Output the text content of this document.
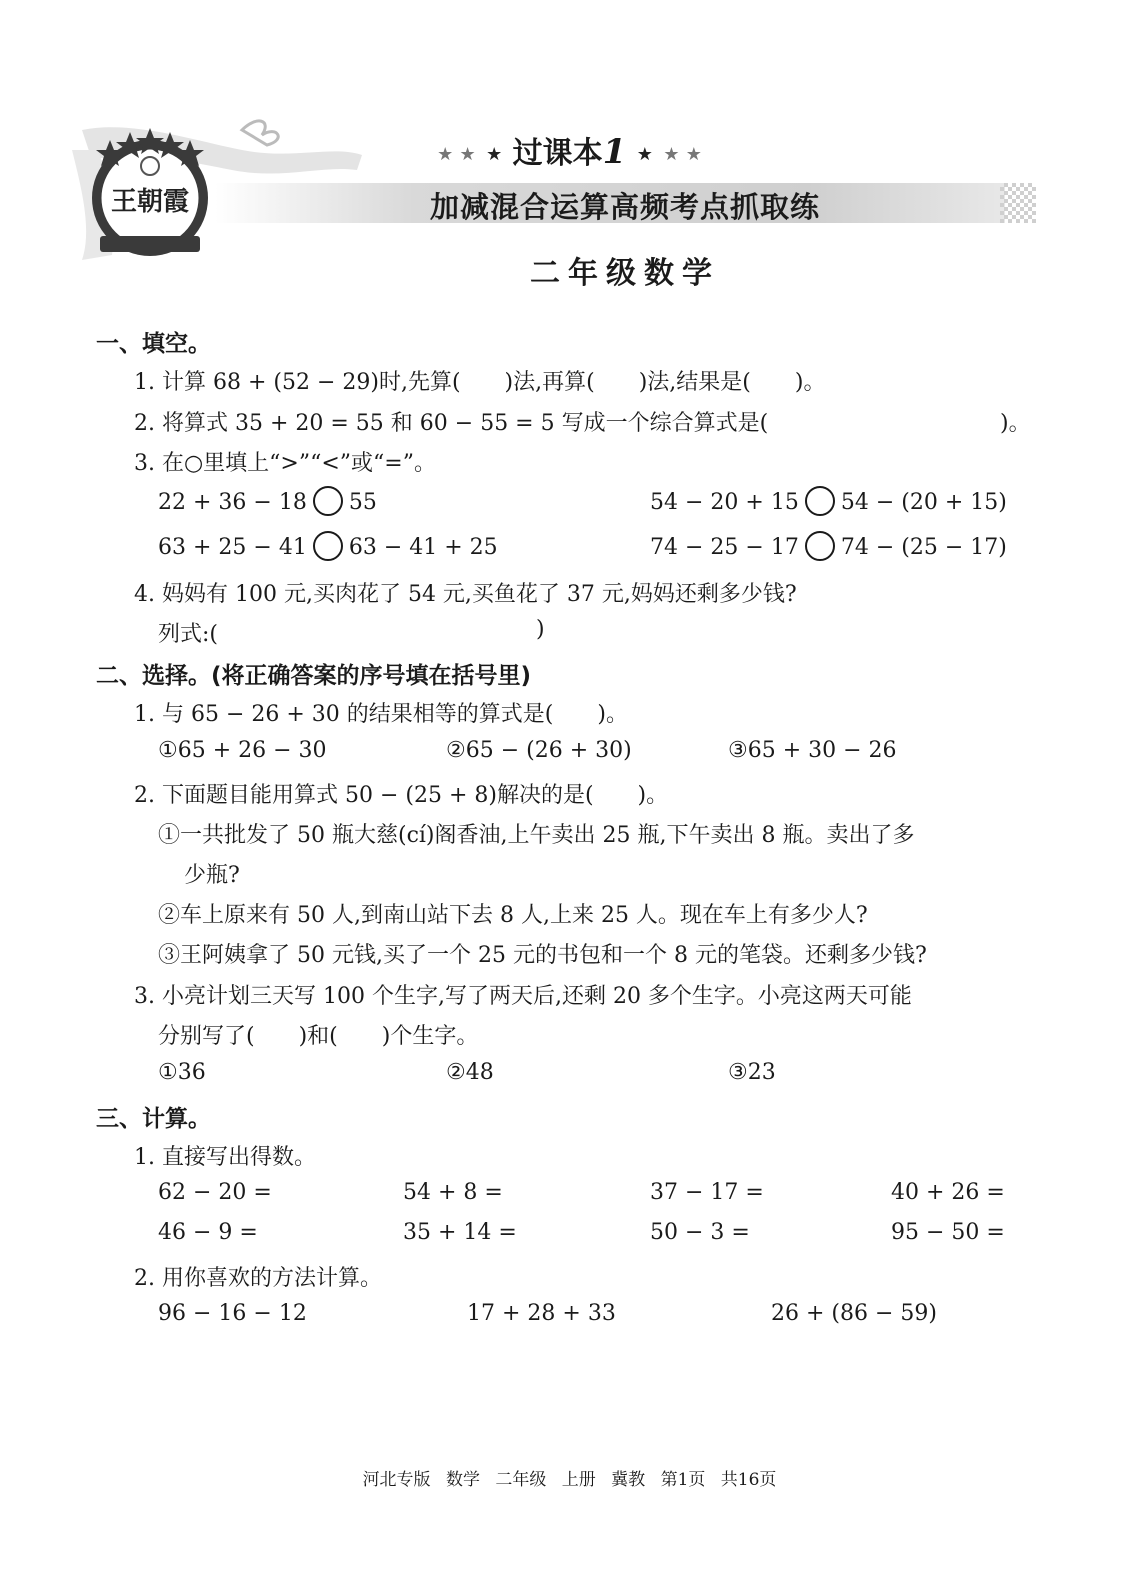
王朝霞
★ ★ ★ 过课本1 ★ ★ ★
加减混合运算高频考点抓取练
二年级数学
一、填空。
1. 计算 68 + (52 − 29)时,先算(　　)法,再算(　　)法,结果是(　　)。
2. 将算式 35 + 20 = 55 和 60 − 55 = 5 写成一个综合算式是(	)。
3. 在○里填上“>”“<”或“=”。
22 + 36 − 18 55	54 − 20 + 15 54 − (20 + 15)
63 + 25 − 41 63 − 41 + 25	74 − 25 − 17 74 − (25 − 17)
4. 妈妈有 100 元,买肉花了 54 元,买鱼花了 37 元,妈妈还剩多少钱?
列式:(	)
二、选择。(将正确答案的序号填在括号里)
1. 与 65 − 26 + 30 的结果相等的算式是(　　)。
①65 + 26 − 30	②65 − (26 + 30)	③65 + 30 − 26
2. 下面题目能用算式 50 − (25 + 8)解决的是(　　)。
①一共批发了 50 瓶大慈(cí)阁香油,上午卖出 25 瓶,下午卖出 8 瓶。卖出了多
少瓶?
②车上原来有 50 人,到南山站下去 8 人,上来 25 人。现在车上有多少人?
③王阿姨拿了 50 元钱,买了一个 25 元的书包和一个 8 元的笔袋。还剩多少钱?
3. 小亮计划三天写 100 个生字,写了两天后,还剩 20 多个生字。小亮这两天可能
分别写了(　　)和(　　)个生字。
①36	②48	③23
三、计算。
1. 直接写出得数。
62 − 20 =	54 + 8 =	37 − 17 =	40 + 26 =
46 − 9 =	35 + 14 =	50 − 3 =	95 − 50 =
2. 用你喜欢的方法计算。
96 − 16 − 12	17 + 28 + 33	26 + (86 − 59)
河北专版 数学 二年级 上册 冀教 第1页 共16页
